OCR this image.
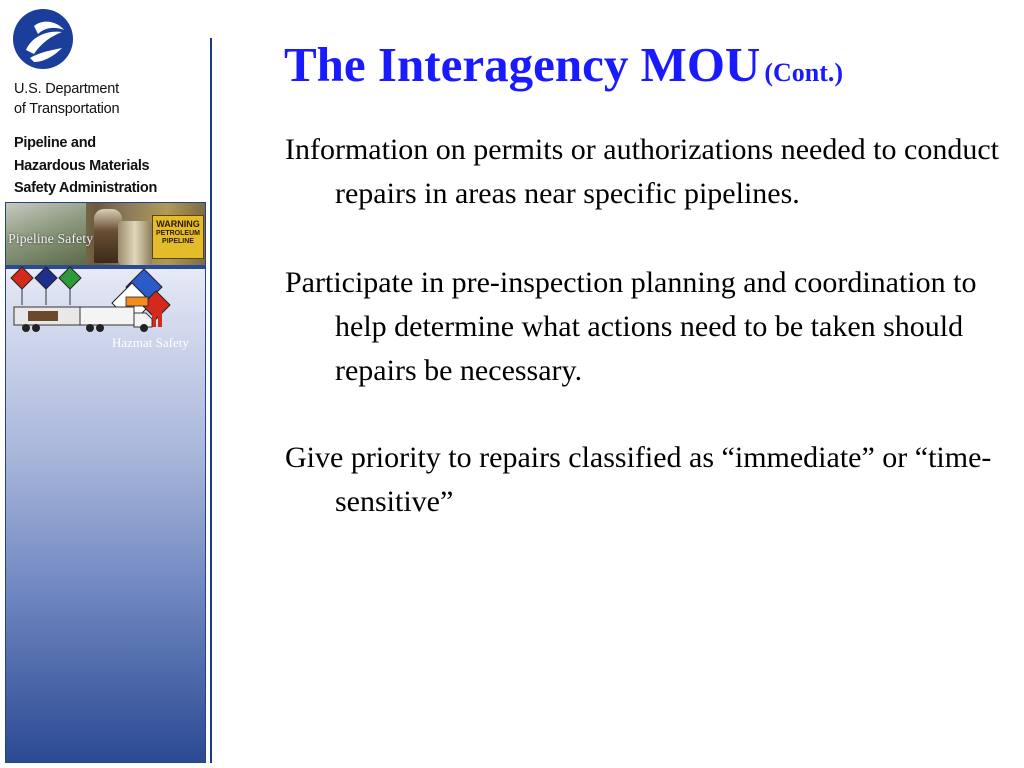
U.S. Department
of Transportation
Pipeline and
Hazardous Materials
Safety Administration
WARNING
PETROLEUM
PIPELINE
Pipeline Safety
Hazmat Safety
The Interagency MOU (Cont.)
Information on permits or authorizations needed to conduct repairs in areas near specific pipelines.
Participate in pre-inspection planning and coordination to help determine what actions need to be taken should repairs be necessary.
Give priority to repairs classified as “immediate” or “time-sensitive”
